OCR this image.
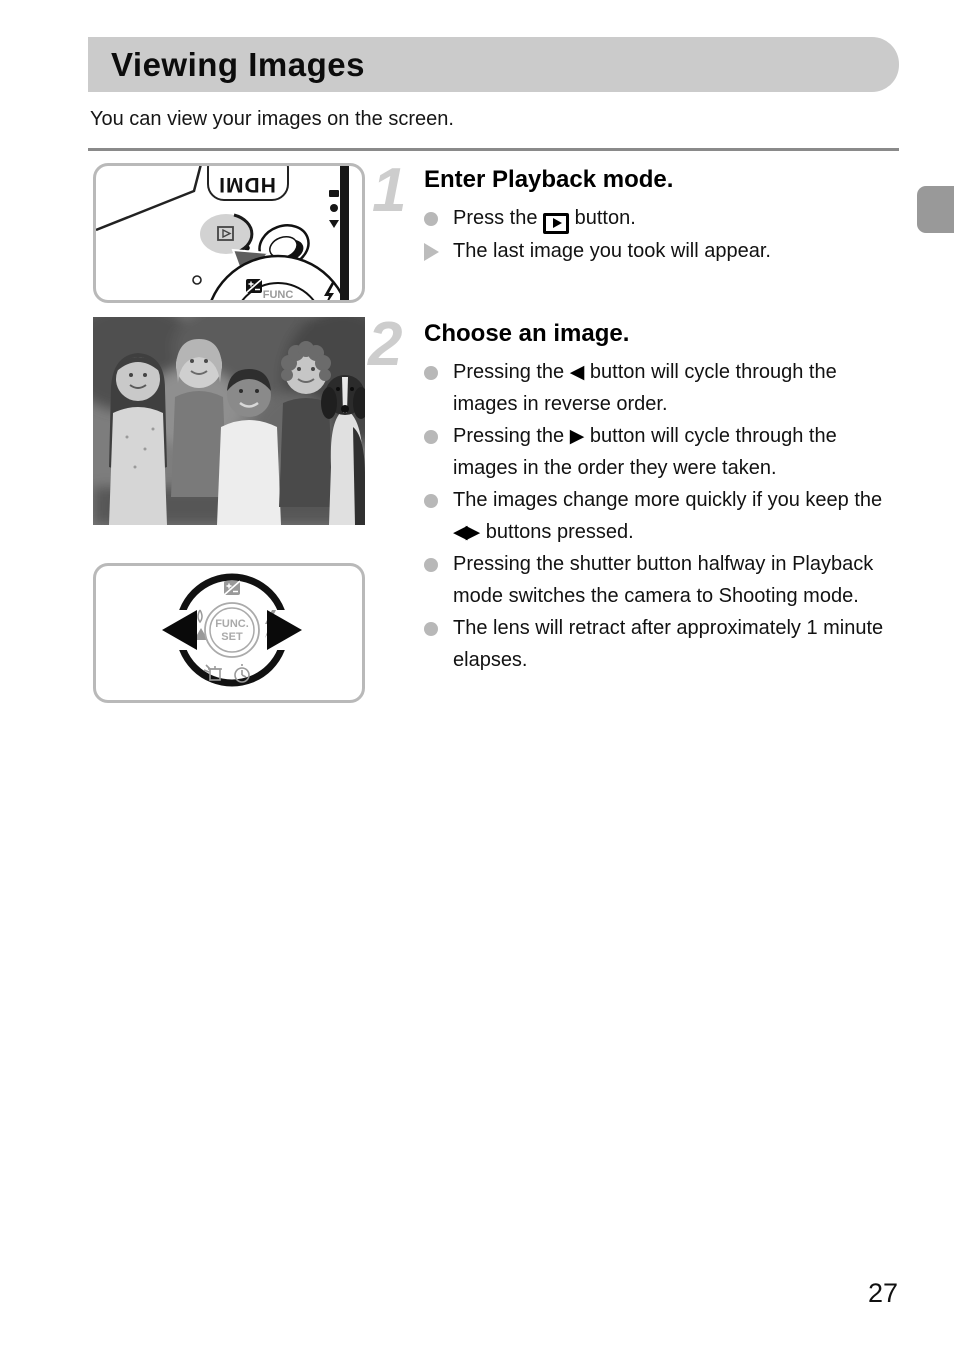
Viewing Images
You can view your images on the screen.
HDMI
FUNC
FUNC.
SET
1 Enter Playback mode.
Press the
button.
The last image you took will appear.
2 Choose an image.
Pressing the ◀ button will cycle through the images in reverse order.
Pressing the ▶ button will cycle through the images in the order they were taken.
The images change more quickly if you keep the ◀▶ buttons pressed.
Pressing the shutter button halfway in Playback mode switches the camera to Shooting mode.
The lens will retract after approximately 1 minute elapses.
27
